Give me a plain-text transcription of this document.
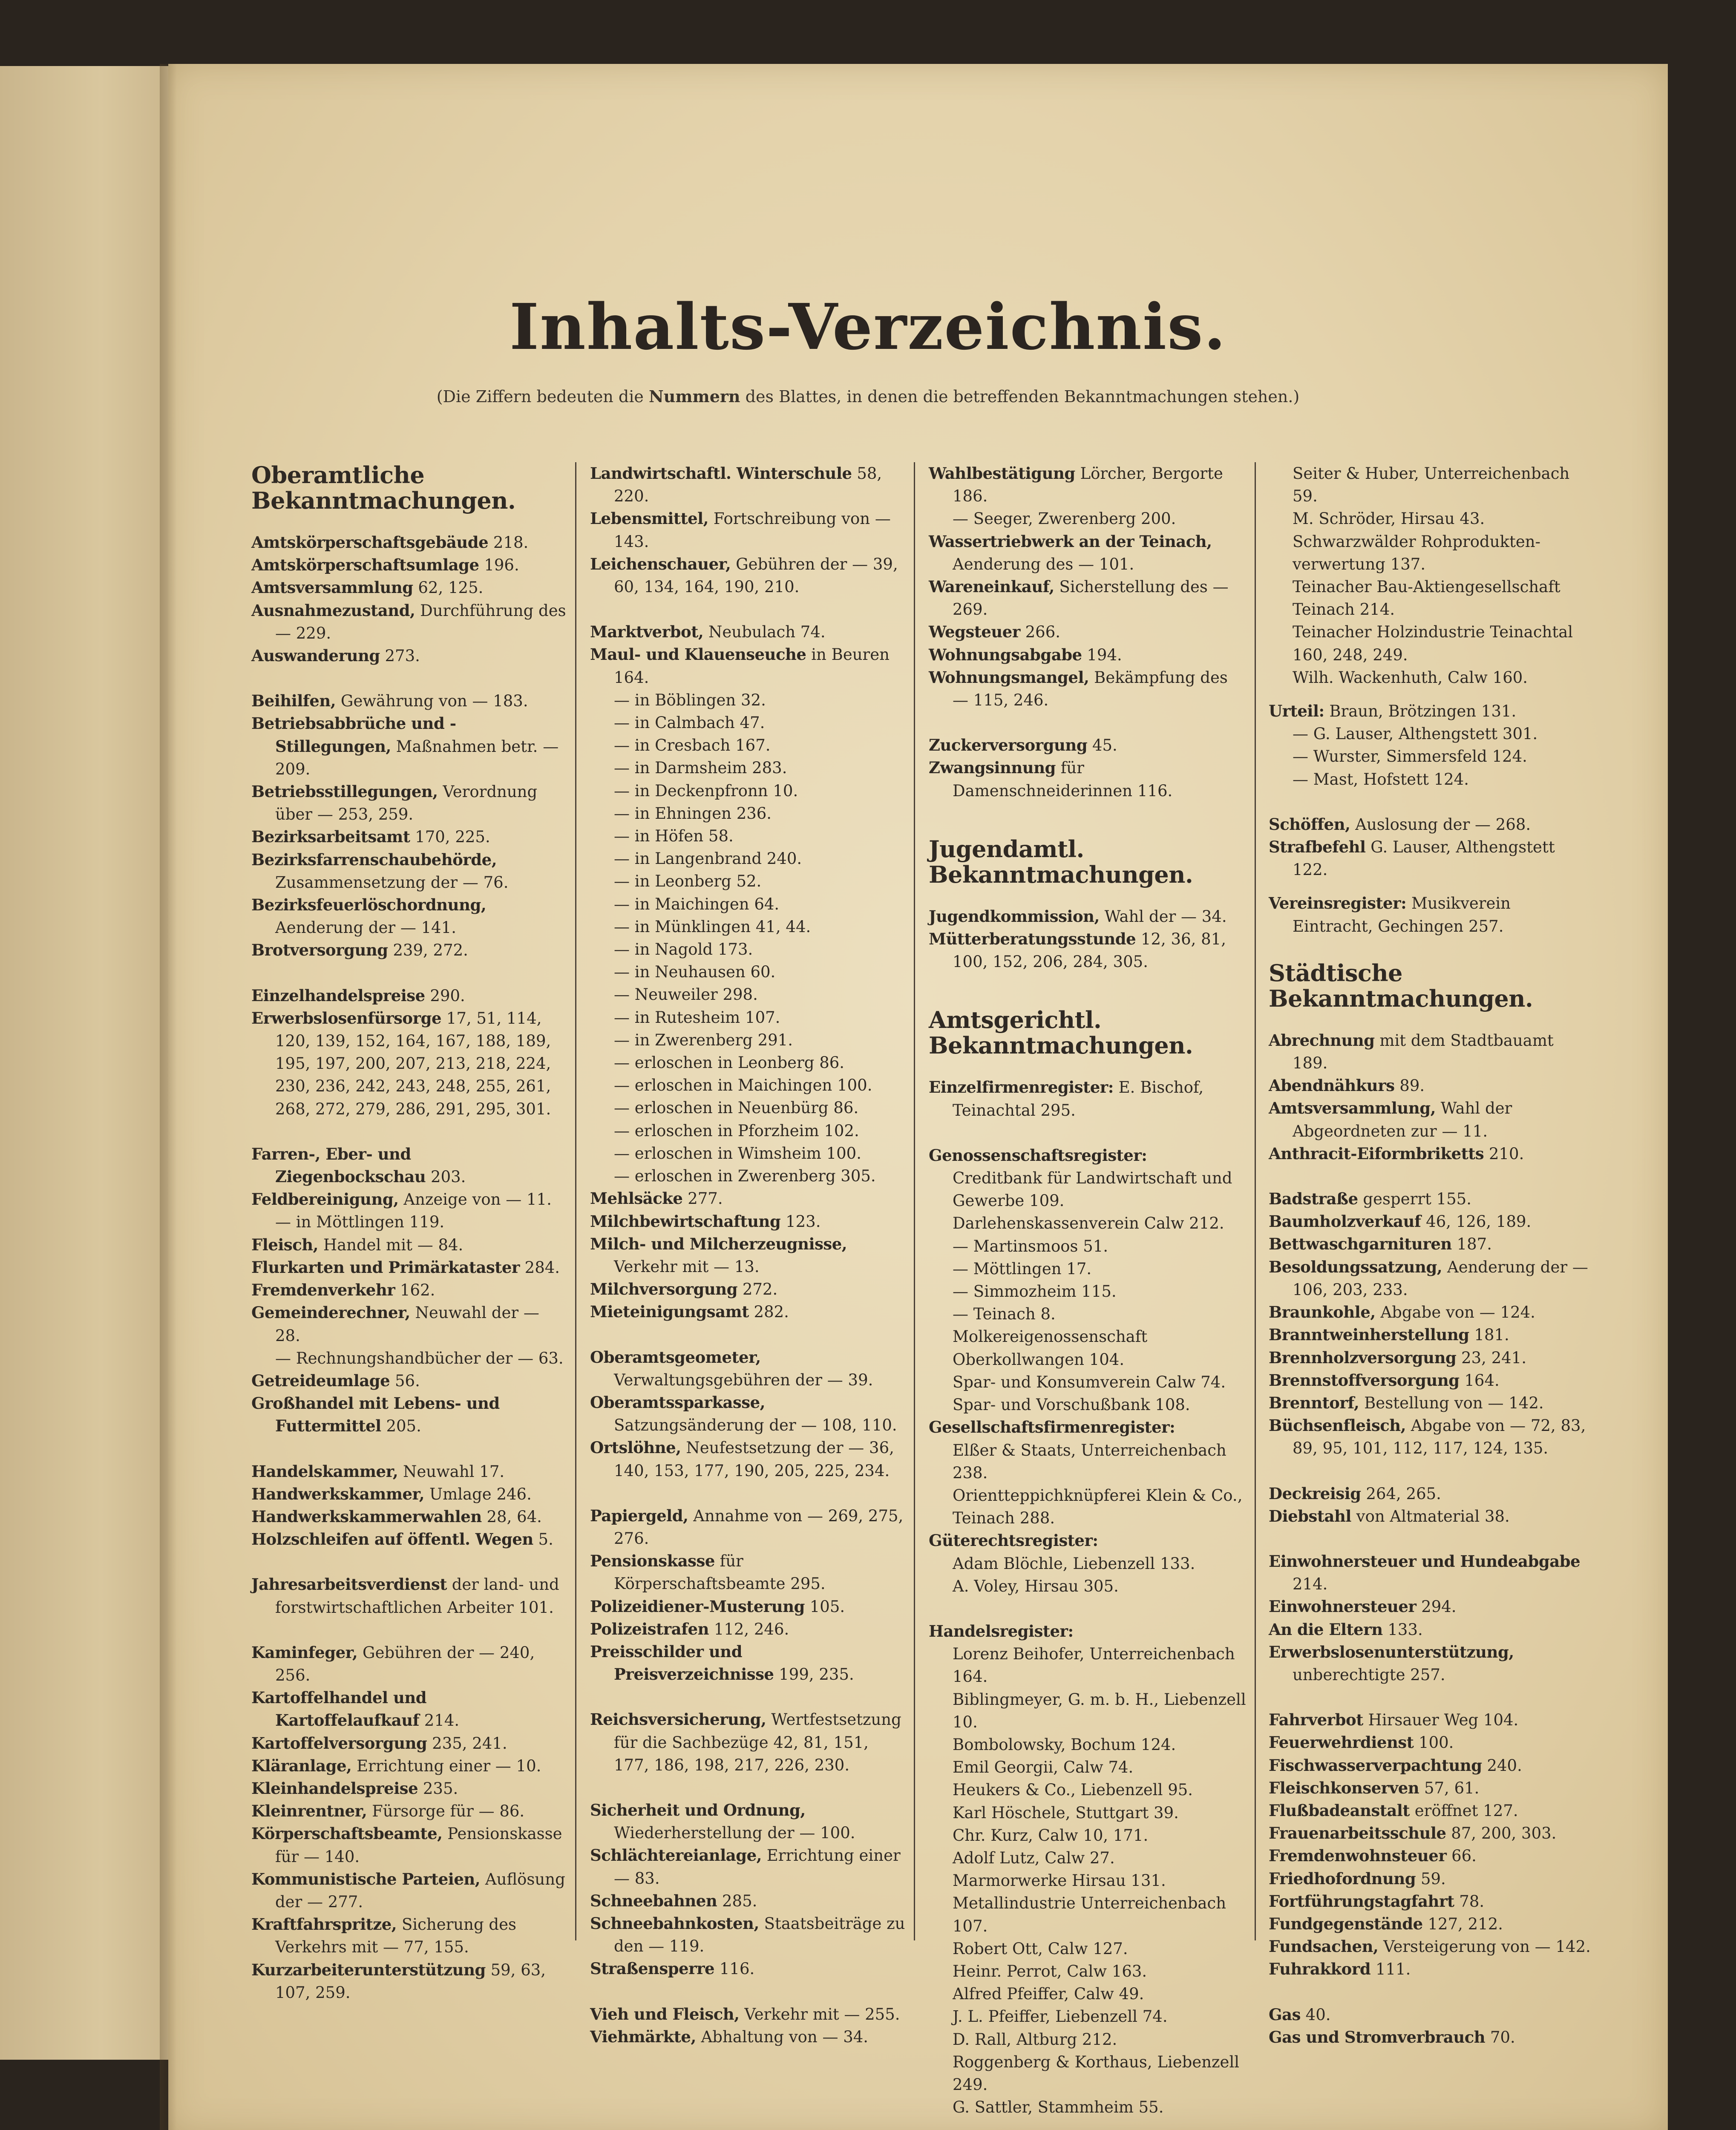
Inhalts-Verzeichnis.
(Die Ziffern bedeuten die Nummern des Blattes, in denen die betreffenden Bekanntmachungen stehen.)
Oberamtliche Bekanntmachungen.
Amtskörperschaftsgebäude 218.
Amtskörperschaftsumlage 196.
Amtsversammlung 62, 125.
Ausnahmezustand, Durchführung des — 229.
Auswanderung 273.
Beihilfen, Gewährung von — 183.
Betriebsabbrüche und -Stillegungen, Maßnahmen betr. — 209.
Betriebsstillegungen, Verordnung über — 253, 259.
Bezirksarbeitsamt 170, 225.
Bezirksfarrenschaubehörde, Zusammensetzung der — 76.
Bezirksfeuerlöschordnung, Aenderung der — 141.
Brotversorgung 239, 272.
Einzelhandelspreise 290.
Erwerbslosenfürsorge 17, 51, 114, 120, 139, 152, 164, 167, 188, 189, 195, 197, 200, 207, 213, 218, 224, 230, 236, 242, 243, 248, 255, 261, 268, 272, 279, 286, 291, 295, 301.
Farren-, Eber- und Ziegenbockschau 203.
Feldbereinigung, Anzeige von — 11.
— in Möttlingen 119.
Fleisch, Handel mit — 84.
Flurkarten und Primärkataster 284.
Fremdenverkehr 162.
Gemeinderechner, Neuwahl der — 28.
— Rechnungshandbücher der — 63.
Getreideumlage 56.
Großhandel mit Lebens- und Futtermittel 205.
Handelskammer, Neuwahl 17.
Handwerkskammer, Umlage 246.
Handwerkskammerwahlen 28, 64.
Holzschleifen auf öffentl. Wegen 5.
Jahresarbeitsverdienst der land- und forstwirtschaftlichen Arbeiter 101.
Kaminfeger, Gebühren der — 240, 256.
Kartoffelhandel und Kartoffelaufkauf 214.
Kartoffelversorgung 235, 241.
Kläranlage, Errichtung einer — 10.
Kleinhandelspreise 235.
Kleinrentner, Fürsorge für — 86.
Körperschaftsbeamte, Pensionskasse für — 140.
Kommunistische Parteien, Auflösung der — 277.
Kraftfahrspritze, Sicherung des Verkehrs mit — 77, 155.
Kurzarbeiterunterstützung 59, 63, 107, 259.
Landwirtschaftl. Winterschule 58, 220.
Lebensmittel, Fortschreibung von — 143.
Leichenschauer, Gebühren der — 39, 60, 134, 164, 190, 210.
Marktverbot, Neubulach 74.
Maul- und Klauenseuche in Beuren 164.
— in Böblingen 32.
— in Calmbach 47.
— in Cresbach 167.
— in Darmsheim 283.
— in Deckenpfronn 10.
— in Ehningen 236.
— in Höfen 58.
— in Langenbrand 240.
— in Leonberg 52.
— in Maichingen 64.
— in Münklingen 41, 44.
— in Nagold 173.
— in Neuhausen 60.
— Neuweiler 298.
— in Rutesheim 107.
— in Zwerenberg 291.
— erloschen in Leonberg 86.
— erloschen in Maichingen 100.
— erloschen in Neuenbürg 86.
— erloschen in Pforzheim 102.
— erloschen in Wimsheim 100.
— erloschen in Zwerenberg 305.
Mehlsäcke 277.
Milchbewirtschaftung 123.
Milch- und Milcherzeugnisse, Verkehr mit — 13.
Milchversorgung 272.
Mieteinigungsamt 282.
Oberamtsgeometer, Verwaltungsgebühren der — 39.
Oberamtssparkasse, Satzungsänderung der — 108, 110.
Ortslöhne, Neufestsetzung der — 36, 140, 153, 177, 190, 205, 225, 234.
Papiergeld, Annahme von — 269, 275, 276.
Pensionskasse für Körperschaftsbeamte 295.
Polizeidiener-Musterung 105.
Polizeistrafen 112, 246.
Preisschilder und Preisverzeichnisse 199, 235.
Reichsversicherung, Wertfestsetzung für die Sachbezüge 42, 81, 151, 177, 186, 198, 217, 226, 230.
Sicherheit und Ordnung, Wiederherstellung der — 100.
Schlächtereianlage, Errichtung einer — 83.
Schneebahnen 285.
Schneebahnkosten, Staatsbeiträge zu den — 119.
Straßensperre 116.
Vieh und Fleisch, Verkehr mit — 255.
Viehmärkte, Abhaltung von — 34.
Wahlbestätigung Lörcher, Bergorte 186.
— Seeger, Zwerenberg 200.
Wassertriebwerk an der Teinach, Aenderung des — 101.
Wareneinkauf, Sicherstellung des — 269.
Wegsteuer 266.
Wohnungsabgabe 194.
Wohnungsmangel, Bekämpfung des — 115, 246.
Zuckerversorgung 45.
Zwangsinnung für Damenschneiderinnen 116.
Jugendamtl. Bekanntmachungen.
Jugendkommission, Wahl der — 34.
Mütterberatungsstunde 12, 36, 81, 100, 152, 206, 284, 305.
Amtsgerichtl. Bekanntmachungen.
Einzelfirmenregister: E. Bischof, Teinachtal 295.
Genossenschaftsregister:
Creditbank für Landwirtschaft und Gewerbe 109.
Darlehenskassenverein Calw 212.
— Martinsmoos 51.
— Möttlingen 17.
— Simmozheim 115.
— Teinach 8.
Molkereigenossenschaft Oberkollwangen 104.
Spar- und Konsumverein Calw 74.
Spar- und Vorschußbank 108.
Gesellschaftsfirmenregister:
Elßer & Staats, Unterreichenbach 238.
Orientteppichknüpferei Klein & Co., Teinach 288.
Güterechtsregister:
Adam Blöchle, Liebenzell 133.
A. Voley, Hirsau 305.
Handelsregister:
Lorenz Beihofer, Unterreichenbach 164.
Biblingmeyer, G. m. b. H., Liebenzell 10.
Bombolowsky, Bochum 124.
Emil Georgii, Calw 74.
Heukers & Co., Liebenzell 95.
Karl Höschele, Stuttgart 39.
Chr. Kurz, Calw 10, 171.
Adolf Lutz, Calw 27.
Marmorwerke Hirsau 131.
Metallindustrie Unterreichenbach 107.
Robert Ott, Calw 127.
Heinr. Perrot, Calw 163.
Alfred Pfeiffer, Calw 49.
J. L. Pfeiffer, Liebenzell 74.
D. Rall, Altburg 212.
Roggenberg & Korthaus, Liebenzell 249.
G. Sattler, Stammheim 55.
Seiter & Huber, Unterreichenbach 59.
M. Schröder, Hirsau 43.
Schwarzwälder Rohprodukten-verwertung 137.
Teinacher Bau-Aktiengesellschaft Teinach 214.
Teinacher Holzindustrie Teinachtal 160, 248, 249.
Wilh. Wackenhuth, Calw 160.
Urteil: Braun, Brötzingen 131.
— G. Lauser, Althengstett 301.
— Wurster, Simmersfeld 124.
— Mast, Hofstett 124.
Schöffen, Auslosung der — 268.
Strafbefehl G. Lauser, Althengstett 122.
Vereinsregister: Musikverein Eintracht, Gechingen 257.
Städtische Bekanntmachungen.
Abrechnung mit dem Stadtbauamt 189.
Abendnähkurs 89.
Amtsversammlung, Wahl der Abgeordneten zur — 11.
Anthracit-Eiformbriketts 210.
Badstraße gesperrt 155.
Baumholzverkauf 46, 126, 189.
Bettwaschgarnituren 187.
Besoldungssatzung, Aenderung der — 106, 203, 233.
Braunkohle, Abgabe von — 124.
Branntweinherstellung 181.
Brennholzversorgung 23, 241.
Brennstoffversorgung 164.
Brenntorf, Bestellung von — 142.
Büchsenfleisch, Abgabe von — 72, 83, 89, 95, 101, 112, 117, 124, 135.
Deckreisig 264, 265.
Diebstahl von Altmaterial 38.
Einwohnersteuer und Hundeabgabe 214.
Einwohnersteuer 294.
An die Eltern 133.
Erwerbslosenunterstützung, unberechtigte 257.
Fahrverbot Hirsauer Weg 104.
Feuerwehrdienst 100.
Fischwasserverpachtung 240.
Fleischkonserven 57, 61.
Flußbadeanstalt eröffnet 127.
Frauenarbeitsschule 87, 200, 303.
Fremdenwohnsteuer 66.
Friedhofordnung 59.
Fortführungstagfahrt 78.
Fundgegenstände 127, 212.
Fundsachen, Versteigerung von — 142.
Fuhrakkord 111.
Gas 40.
Gas und Stromverbrauch 70.
